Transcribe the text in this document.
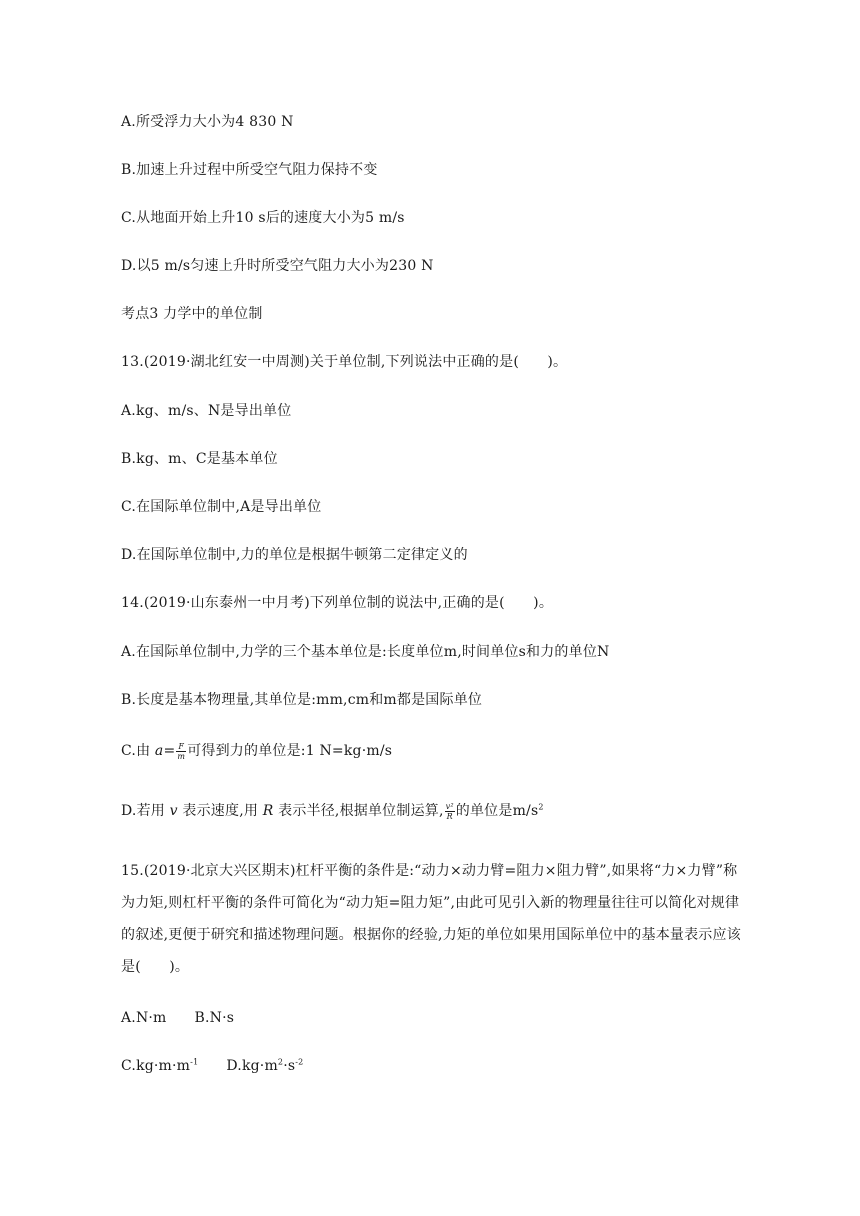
A.所受浮力大小为4 830 N
B.加速上升过程中所受空气阻力保持不变
C.从地面开始上升10 s后的速度大小为5 m/s
D.以5 m/s匀速上升时所受空气阻力大小为230 N
考点3 力学中的单位制
13.(2019·湖北红安一中周测)关于单位制,下列说法中正确的是(　　)。
A.kg、m/s、N是导出单位
B.kg、m、C是基本单位
C.在国际单位制中,A是导出单位
D.在国际单位制中,力的单位是根据牛顿第二定律定义的
14.(2019·山东泰州一中月考)下列单位制的说法中,正确的是(　　)。
A.在国际单位制中,力学的三个基本单位是:长度单位m,时间单位s和力的单位N
B.长度是基本物理量,其单位是:mm,cm和m都是国际单位
C.由 $a= \frac{F}{m}$ 可得到力的单位是:1 N=kg·m/s
D.若用 v 表示速度,用 R 表示半径,根据单位制运算, $\frac{\text{v²}}{R}$ 的单位是$m/s^2$
15.(2019·北京大兴区期末)杠杆平衡的条件是:“动力×动力臂=阻力×阻力臂”,如果将“力×力臂”称为力矩,则杠杆平衡的条件可简化为“动力矩=阻力矩”,由此可见引入新的物理量往往可以简化对规律的叙述,更便于研究和描述物理问题。根据你的经验,力矩的单位如果用国际单位中的基本量表示应该是(　　)。
A.N·m B.N·s
$C.kg\cdot m\cdot m^{-1}$ $D.kg\cdot m^2\cdot s^{-2}$
